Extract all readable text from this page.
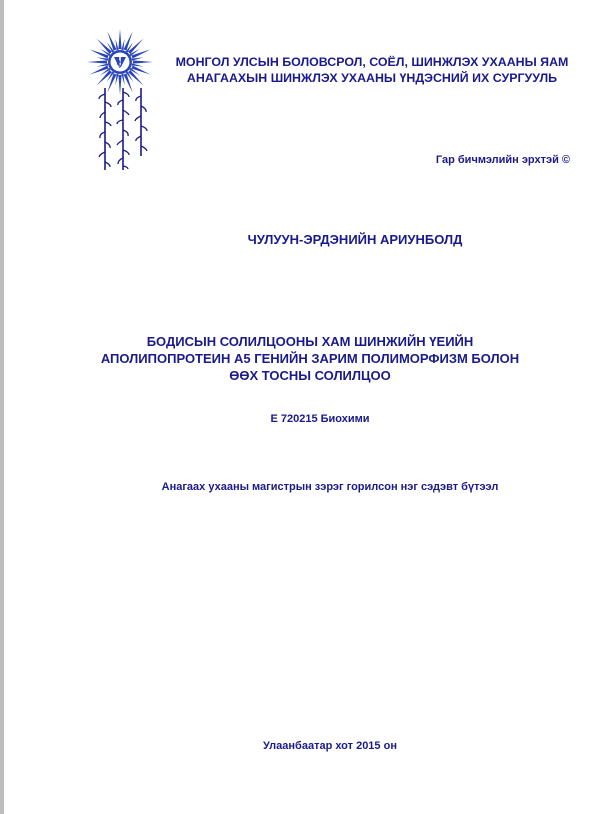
МОНГОЛ УЛСЫН БОЛОВСРОЛ, СОЁЛ, ШИНЖЛЭХ УХААНЫ ЯАМ
АНАГААХЫН ШИНЖЛЭХ УХААНЫ ҮНДЭСНИЙ ИХ СУРГУУЛЬ
Гар бичмэлийн эрхтэй ©
ЧУЛУУН-ЭРДЭНИЙН АРИУНБОЛД
БОДИСЫН СОЛИЛЦООНЫ ХАМ ШИНЖИЙН ҮЕИЙН
АПОЛИПОПРОТЕИН А5 ГЕНИЙН ЗАРИМ ПОЛИМОРФИЗМ БОЛОН
ӨӨХ ТОСНЫ СОЛИЛЦОО
Е 720215 Биохими
Анагаах ухааны магистрын зэрэг горилсон нэг сэдэвт бүтээл
Улаанбаатар хот 2015 он
